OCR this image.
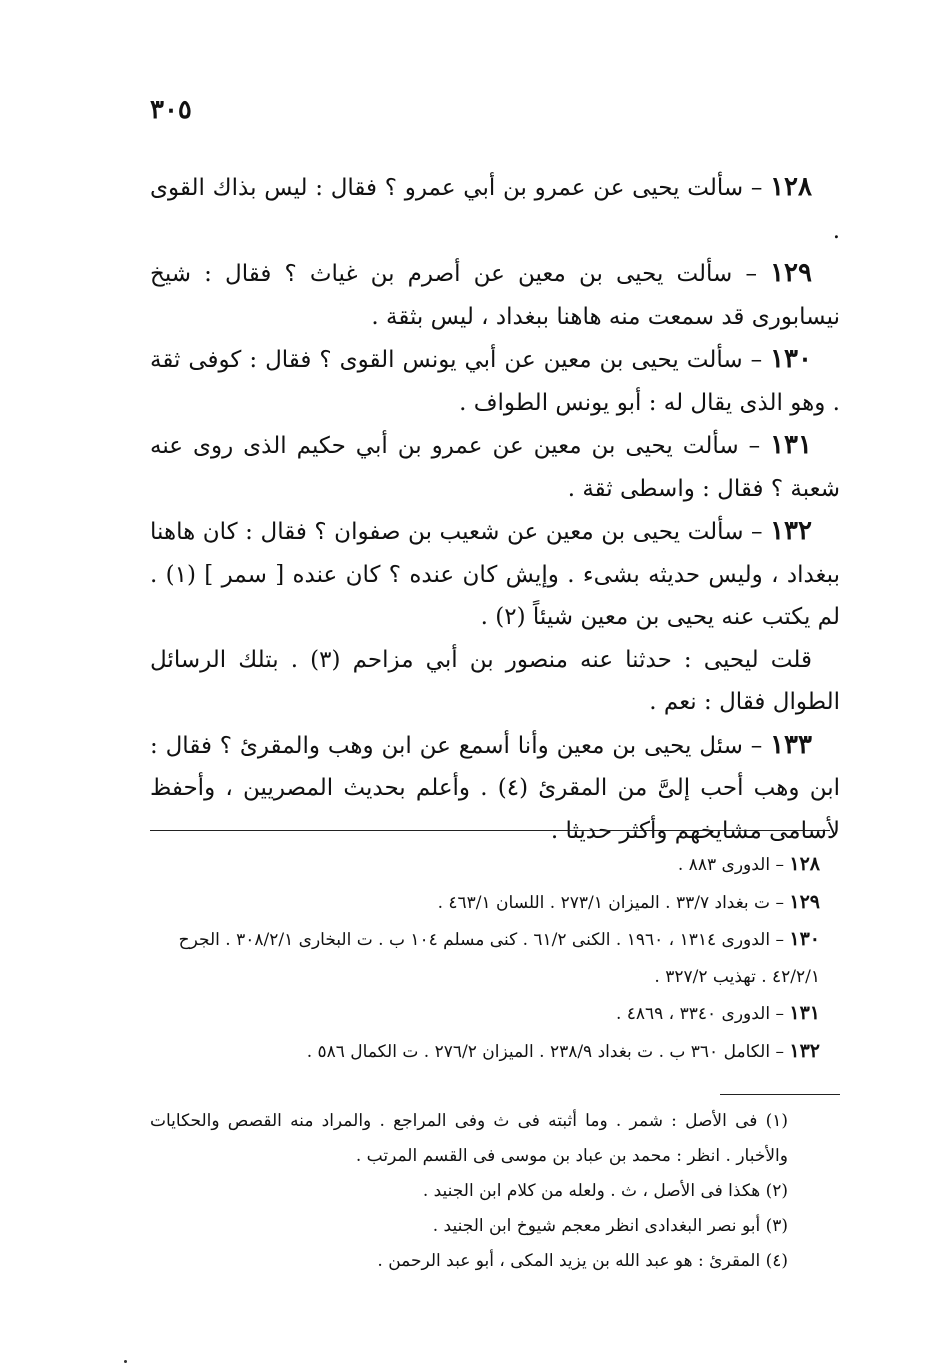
٣٠٥

١٢٨ – سألت يحيى عن عمرو بن أبي عمرو ؟ فقال : ليس بذاك القوى .

١٢٩ – سألت يحيى بن معين عن أصرم بن غياث ؟ فقال : شيخ نيسابورى قد سمعت منه هاهنا ببغداد ، ليس بثقة .

١٣٠ – سألت يحيى بن معين عن أبي يونس القوى ؟ فقال : كوفى ثقة . وهو الذى يقال له : أبو يونس الطواف .

١٣١ – سألت يحيى بن معين عن عمرو بن أبي حكيم الذى روى عنه شعبة ؟ فقال : واسطى ثقة .

١٣٢ – سألت يحيى بن معين عن شعيب بن صفوان ؟ فقال : كان هاهنا ببغداد ، وليس حديثه بشىء . وإيش كان عنده ؟ كان عنده [ سمر ] (١) . لم يكتب عنه يحيى بن معين شيئاً (٢) .

قلت ليحيى : حدثنا عنه منصور بن أبي مزاحم (٣) . بتلك الرسائل الطوال فقال : نعم .

١٣٣ – سئل يحيى بن معين وأنا أسمع عن ابن وهب والمقرىٔ ؟ فقال : ابن وهب أحب إلىَّ من المقرىٔ (٤) . وأعلم بحديث المصريين ، وأحفظ لأسامى مشايخهم وأكثر حديثا .

١٢٨ – الدورى ٨٨٣ .

١٢٩ – ت بغداد ٣٣/٧ . الميزان ٢٧٣/١ . اللسان ٤٦٣/١ .

١٣٠ – الدورى ١٣١٤ ، ١٩٦٠ . الكنى ٦١/٢ . كنى مسلم ١٠٤ ب . ت البخارى ٣٠٨/٢/١ . الجرح ٤٢/٢/١ . تهذيب ٣٢٧/٢ .

١٣١ – الدورى ٣٣٤٠ ، ٤٨٦٩ .

١٣٢ – الكامل ٣٦٠ ب . ت بغداد ٢٣٨/٩ . الميزان ٢٧٦/٢ . ت الكمال ٥٨٦ .

(١) فى الأصل : شمر . وما أثبته فى ث وفى المراجع . والمراد منه القصص والحكايات والأخبار . انظر : محمد بن عباد بن موسى فى القسم المرتب .

(٢) هكذا فى الأصل ، ث . ولعله من كلام ابن الجنيد .

(٣) أبو نصر البغدادى انظر معجم شيوخ ابن الجنيد .

(٤) المقرىٔ : هو عبد الله بن يزيد المكى ، أبو عبد الرحمن .
